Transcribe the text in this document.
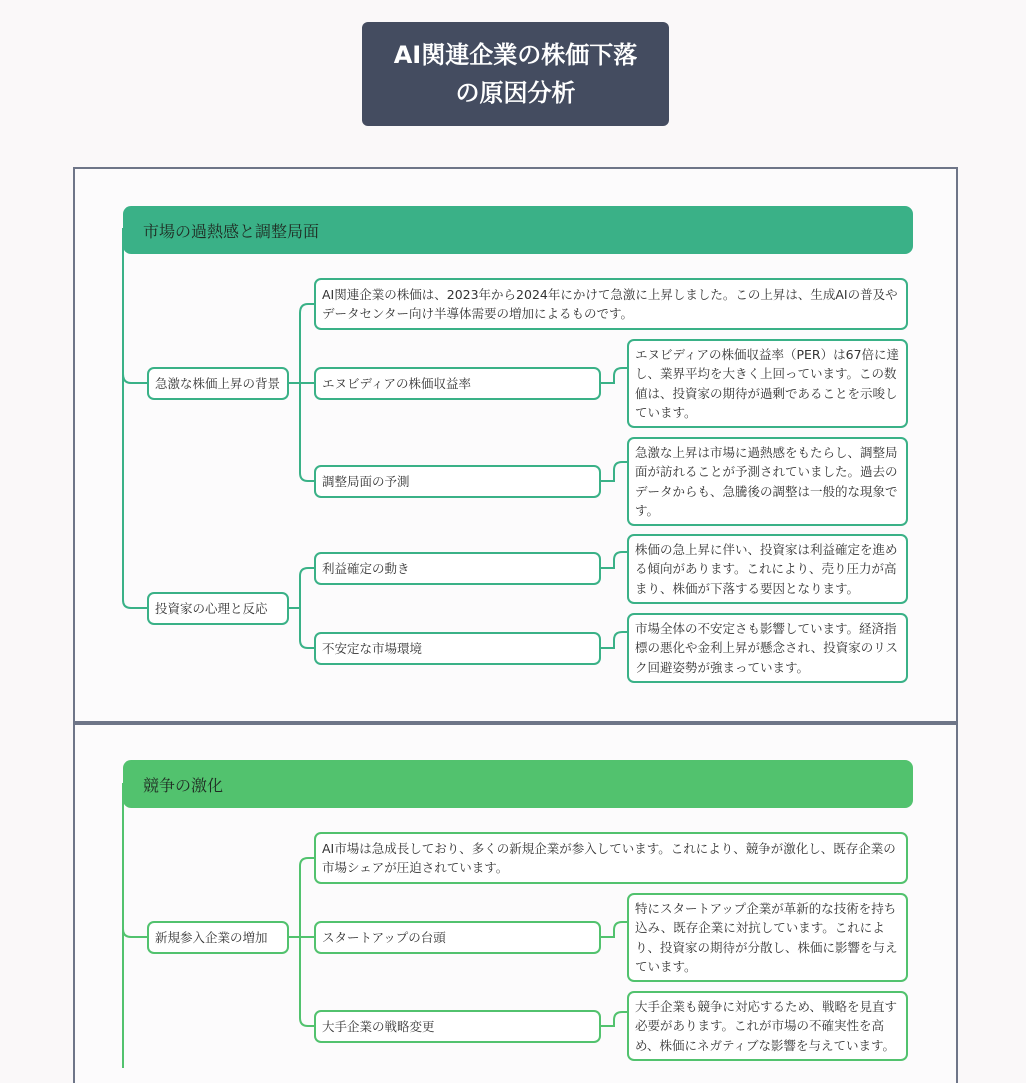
AI関連企業の株価下落
の原因分析
市場の過熱感と調整局面
急激な株価上昇の背景
AI関連企業の株価は、2023年から2024年にかけて急激に上昇しました。この上昇は、生成AIの普及やデータセンター向け半導体需要の増加によるものです。
エヌビディアの株価収益率
エヌビディアの株価収益率（PER）は67倍に達し、業界平均を大きく上回っています。この数値は、投資家の期待が過剰であることを示唆しています。
調整局面の予測
急激な上昇は市場に過熱感をもたらし、調整局面が訪れることが予測されていました。過去のデータからも、急騰後の調整は一般的な現象です。
投資家の心理と反応
利益確定の動き
株価の急上昇に伴い、投資家は利益確定を進める傾向があります。これにより、売り圧力が高まり、株価が下落する要因となります。
不安定な市場環境
市場全体の不安定さも影響しています。経済指標の悪化や金利上昇が懸念され、投資家のリスク回避姿勢が強まっています。
競争の激化
新規参入企業の増加
AI市場は急成長しており、多くの新規企業が参入しています。これにより、競争が激化し、既存企業の市場シェアが圧迫されています。
スタートアップの台頭
特にスタートアップ企業が革新的な技術を持ち込み、既存企業に対抗しています。これにより、投資家の期待が分散し、株価に影響を与えています。
大手企業の戦略変更
大手企業も競争に対応するため、戦略を見直す必要があります。これが市場の不確実性を高め、株価にネガティブな影響を与えています。
